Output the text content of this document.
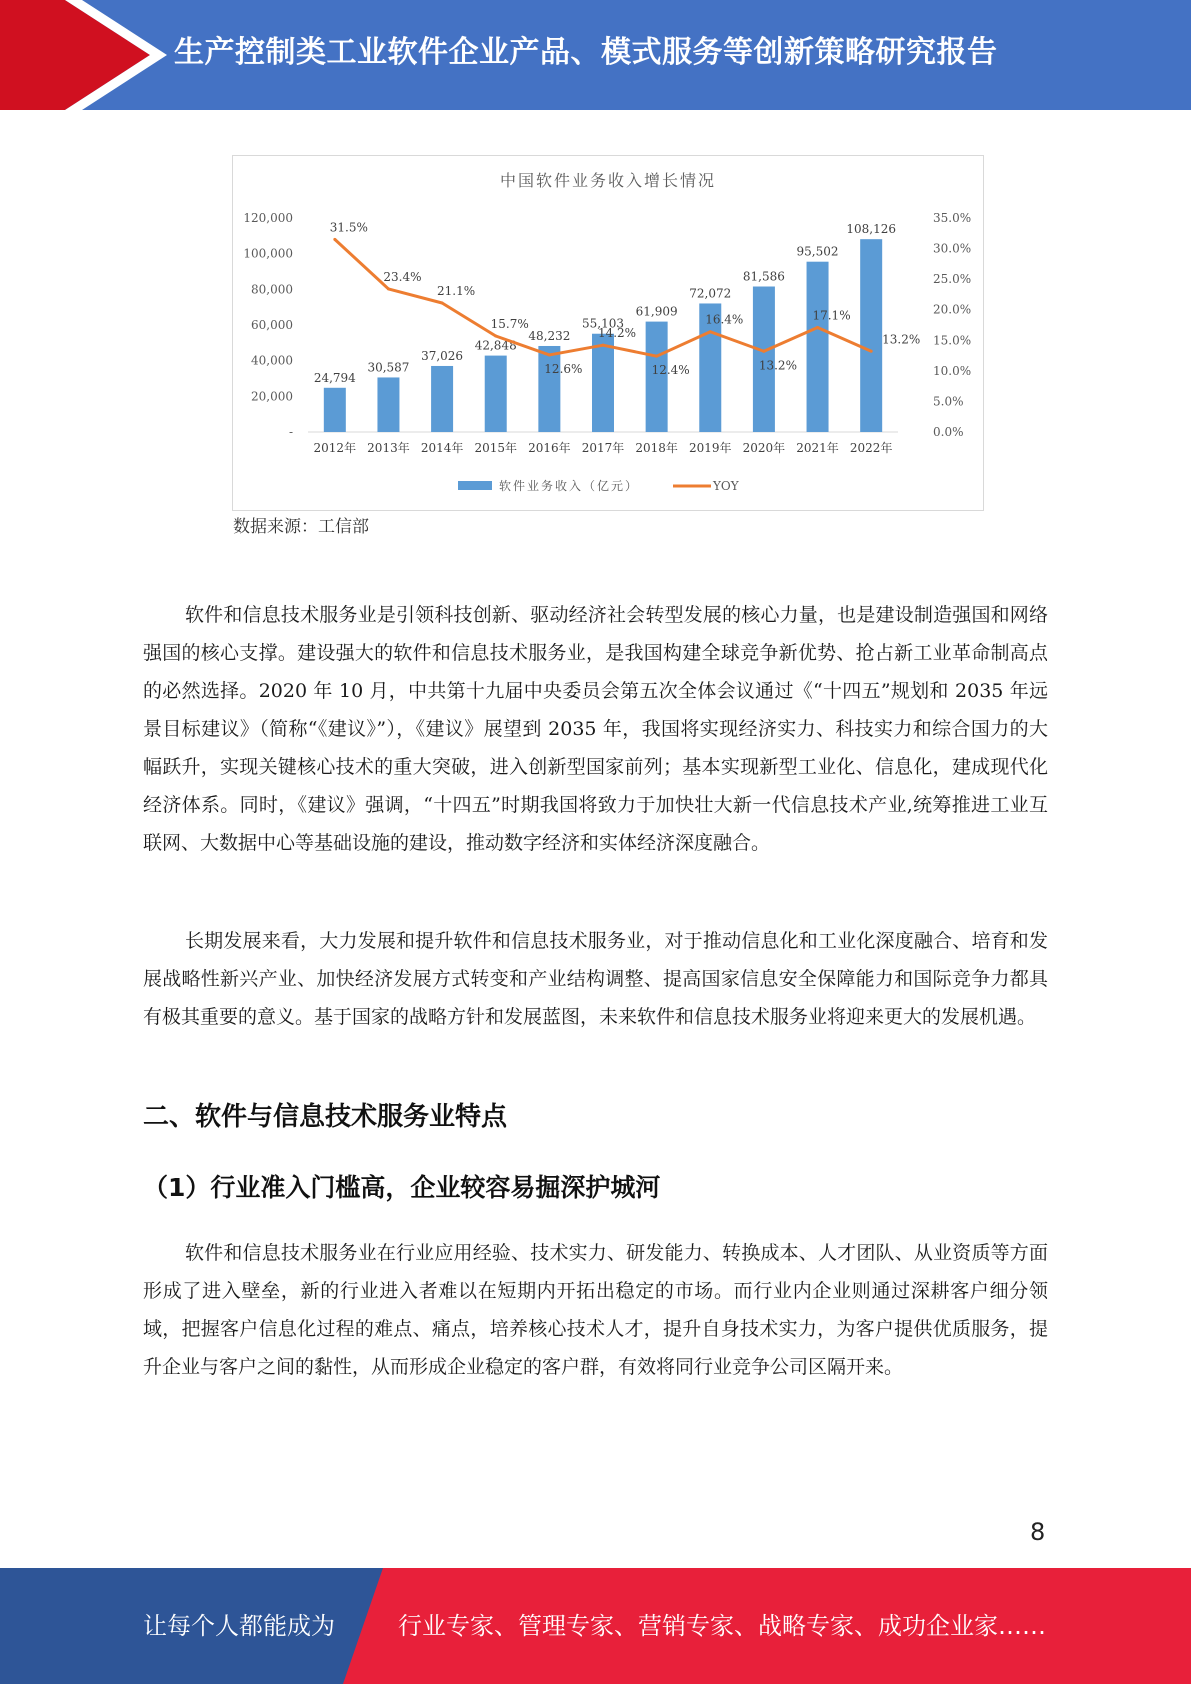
生产控制类工业软件企业产品、模式服务等创新策略研究报告
中国软件业务收入增长情况
-
20,000
40,000
60,000
80,000
100,000
120,000
0.0%
5.0%
10.0%
15.0%
20.0%
25.0%
30.0%
35.0%
24,794
2012年
30,587
2013年
37,026
2014年
42,848
2015年
48,232
2016年
55,103
2017年
61,909
2018年
72,072
2019年
81,586
2020年
95,502
2021年
108,126
2022年
31.5%
23.4%
21.1%
15.7%
12.6%
14.2%
12.4%
16.4%
13.2%
17.1%
13.2%
软件业务收入（亿元）	YOY
数据来源：工信部

软件和信息技术服务业是引领科技创新、驱动经济社会转型发展的核心力量，也是建设制造强国和网络强国的核心支撑。建设强大的软件和信息技术服务业，是我国构建全球竞争新优势、抢占新工业革命制高点的必然选择。2020 年 10 月，中共第十九届中央委员会第五次全体会议通过《“十四五”规划和 2035 年远景目标建议》（简称“《建议》”），《建议》展望到 2035 年，我国将实现经济实力、科技实力和综合国力的大幅跃升，实现关键核心技术的重大突破，进入创新型国家前列；基本实现新型工业化、信息化，建成现代化经济体系。同时，《建议》强调，“十四五”时期我国将致力于加快壮大新一代信息技术产业,统筹推进工业互联网、大数据中心等基础设施的建设，推动数字经济和实体经济深度融合。

长期发展来看，大力发展和提升软件和信息技术服务业，对于推动信息化和工业化深度融合、培育和发展战略性新兴产业、加快经济发展方式转变和产业结构调整、提高国家信息安全保障能力和国际竞争力都具有极其重要的意义。基于国家的战略方针和发展蓝图，未来软件和信息技术服务业将迎来更大的发展机遇。

二、软件与信息技术服务业特点
（1）行业准入门槛高，企业较容易掘深护城河

软件和信息技术服务业在行业应用经验、技术实力、研发能力、转换成本、人才团队、从业资质等方面形成了进入壁垒，新的行业进入者难以在短期内开拓出稳定的市场。而行业内企业则通过深耕客户细分领域，把握客户信息化过程的难点、痛点，培养核心技术人才，提升自身技术实力，为客户提供优质服务，提升企业与客户之间的黏性，从而形成企业稳定的客户群，有效将同行业竞争公司区隔开来。

8
让每个人都能成为	行业专家、管理专家、营销专家、战略专家、成功企业家……
